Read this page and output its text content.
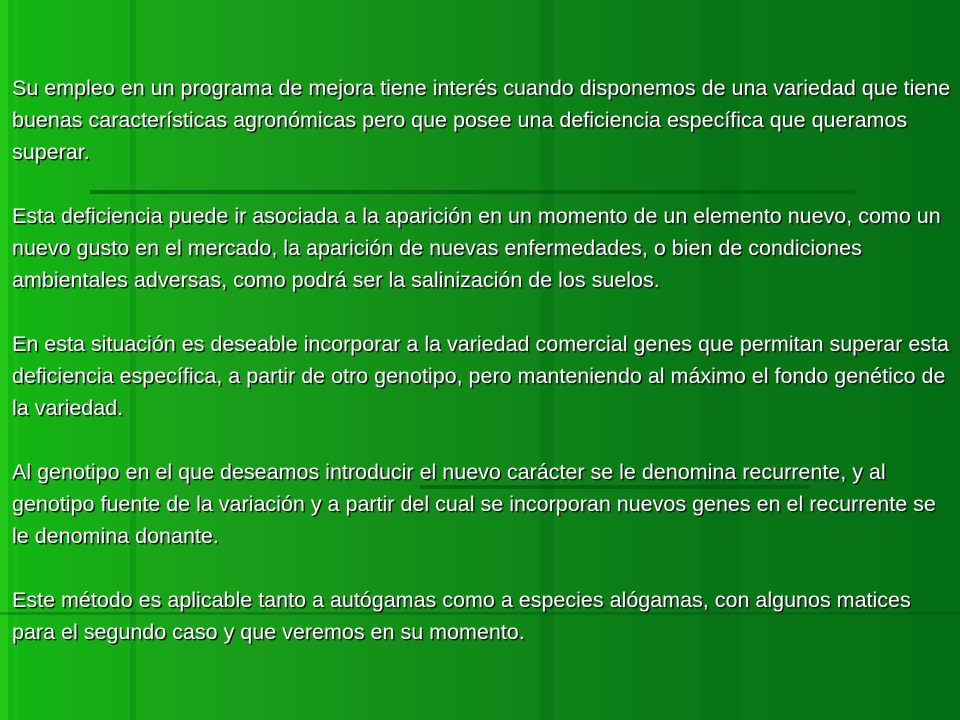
Su empleo en un programa de mejora tiene interés cuando disponemos de una variedad que tiene buenas características agronómicas pero que posee una deficiencia específica que queramos superar.

Esta deficiencia puede ir asociada a la aparición en un momento de un elemento nuevo, como un nuevo gusto en el mercado, la aparición de nuevas enfermedades, o bien de condiciones ambientales adversas, como podrá ser la salinización de los suelos.

En esta situación es deseable incorporar a la variedad comercial genes que permitan superar esta deficiencia específica, a partir de otro genotipo, pero manteniendo al máximo el fondo genético de la variedad.

Al genotipo en el que deseamos introducir el nuevo carácter se le denomina recurrente, y al genotipo fuente de la variación y a partir del cual se incorporan nuevos genes en el recurrente se le denomina donante.

Este método es aplicable tanto a autógamas como a especies alógamas, con algunos matices para el segundo caso y que veremos en su momento.
